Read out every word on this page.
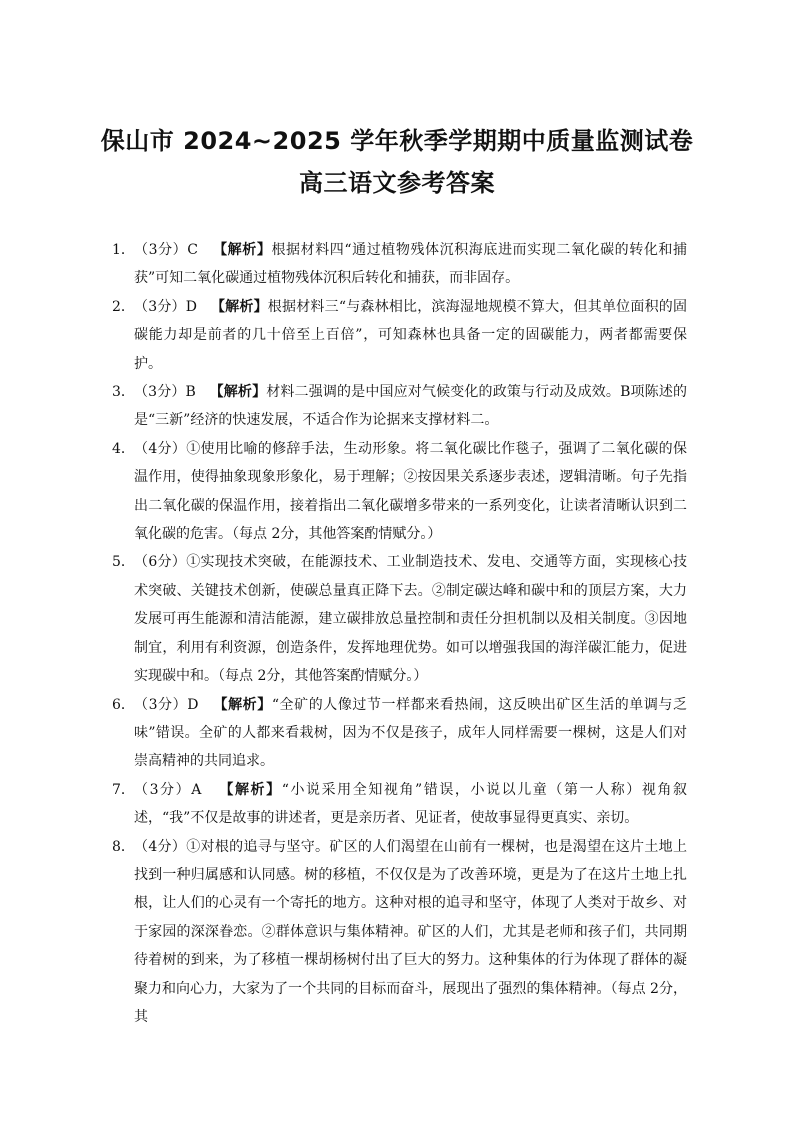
保山市 2024~2025 学年秋季学期期中质量监测试卷
高三语文参考答案
1． （3分）C 【解析】根据材料四“通过植物残体沉积海底进而实现二氧化碳的转化和捕获”可知二氧化碳通过植物残体沉积后转化和捕获，而非固存。
2． （3分）D 【解析】根据材料三“与森林相比，滨海湿地规模不算大，但其单位面积的固碳能力却是前者的几十倍至上百倍”，可知森林也具备一定的固碳能力，两者都需要保护。
3． （3分）B 【解析】材料二强调的是中国应对气候变化的政策与行动及成效。B项陈述的是“三新”经济的快速发展，不适合作为论据来支撑材料二。
4． （4分）①使用比喻的修辞手法，生动形象。将二氧化碳比作毯子，强调了二氧化碳的保温作用，使得抽象现象形象化，易于理解；②按因果关系逐步表述，逻辑清晰。句子先指出二氧化碳的保温作用，接着指出二氧化碳增多带来的一系列变化，让读者清晰认识到二氧化碳的危害。（每点 2分，其他答案酌情赋分。）
5． （6分）①实现技术突破，在能源技术、工业制造技术、发电、交通等方面，实现核心技术突破、关键技术创新，使碳总量真正降下去。②制定碳达峰和碳中和的顶层方案，大力发展可再生能源和清洁能源，建立碳排放总量控制和责任分担机制以及相关制度。③因地制宜，利用有利资源，创造条件，发挥地理优势。如可以增强我国的海洋碳汇能力，促进实现碳中和。（每点 2分，其他答案酌情赋分。）
6． （3分）D 【解析】“全矿的人像过节一样都来看热闹，这反映出矿区生活的单调与乏味”错误。全矿的人都来看栽树，因为不仅是孩子，成年人同样需要一棵树，这是人们对崇高精神的共同追求。
7． （3分）A 【解析】“小说采用全知视角”错误，小说以儿童（第一人称）视角叙述，“我”不仅是故事的讲述者，更是亲历者、见证者，使故事显得更真实、亲切。
8． （4分）①对根的追寻与坚守。矿区的人们渴望在山前有一棵树，也是渴望在这片土地上找到一种归属感和认同感。树的移植，不仅仅是为了改善环境，更是为了在这片土地上扎根，让人们的心灵有一个寄托的地方。这种对根的追寻和坚守，体现了人类对于故乡、对于家园的深深眷恋。②群体意识与集体精神。矿区的人们，尤其是老师和孩子们，共同期待着树的到来，为了移植一棵胡杨树付出了巨大的努力。这种集体的行为体现了群体的凝聚力和向心力，大家为了一个共同的目标而奋斗，展现出了强烈的集体精神。（每点 2分，其
